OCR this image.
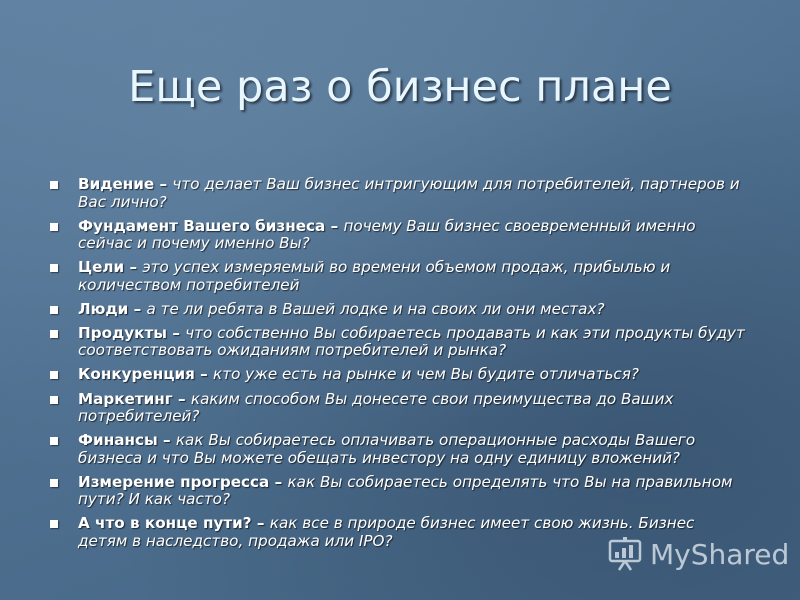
Еще раз о бизнес плане
Видение – что делает Ваш бизнес интригующим для потребителей, партнеров и Вас лично?
Фундамент Вашего бизнеса – почему Ваш бизнес своевременный именно сейчас и почему именно Вы?
Цели – это успех измеряемый во времени объемом продаж, прибылью и количеством потребителей
Люди – а те ли ребята в Вашей лодке и на своих ли они местах?
Продукты – что собственно Вы собираетесь продавать и как эти продукты будут соответствовать ожиданиям потребителей и рынка?
Конкуренция – кто уже есть на рынке и чем Вы будите отличаться?
Маркетинг – каким способом Вы донесете свои преимущества до Ваших потребителей?
Финансы – как Вы собираетесь оплачивать операционные расходы Вашего бизнеса и что Вы можете обещать инвестору на одну единицу вложений?
Измерение прогресса – как Вы собираетесь определять что Вы на правильном пути? И как часто?
А что в конце пути? – как все в природе бизнес имеет свою жизнь. Бизнес детям в наследство, продажа или IPO?	MyShared
